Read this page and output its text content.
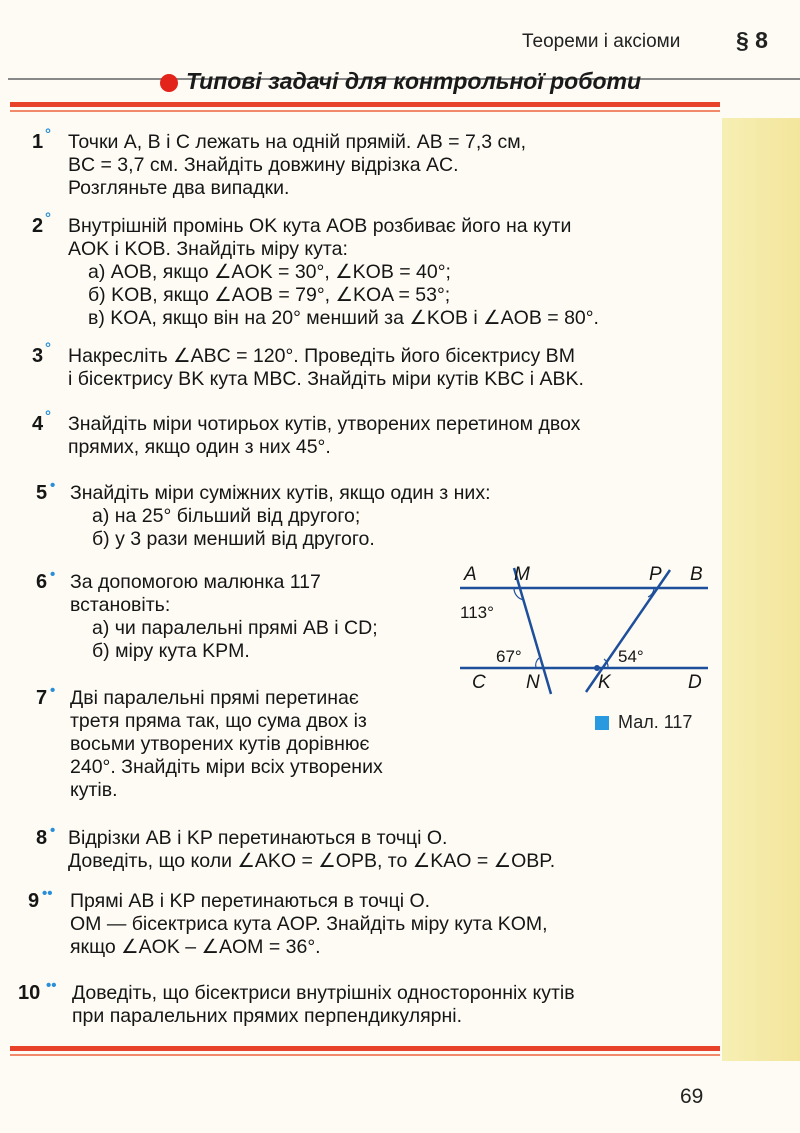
Теореми і аксіоми § 8
Типові задачі для контрольної роботи
1 ° Точки A, B і C лежать на одній прямій. AB = 7,3 см,
BC = 3,7 см. Знайдіть довжину відрізка AC.
Розгляньте два випадки.
2 ° Внутрішній промінь OK кута AOB розбиває його на кути
AOK і KOB. Знайдіть міру кута:
а) AOB, якщо ∠AOK = 30°, ∠KOB = 40°;
б) KOB, якщо ∠AOB = 79°, ∠KOA = 53°;
в) KOA, якщо він на 20° менший за ∠KOB і ∠AOB = 80°.
3 ° Накресліть ∠ABC = 120°. Проведіть його бісектрису BM
і бісектрису BK кута MBC. Знайдіть міри кутів KBC і ABK.
4 ° Знайдіть міри чотирьох кутів, утворених перетином двох
прямих, якщо один з них 45°.
5 • Знайдіть міри суміжних кутів, якщо один з них:
а) на 25° більший від другого;
б) у 3 рази менший від другого.
6 • За допомогою малюнка 117
встановіть:
а) чи паралельні прямі AB і CD;
б) міру кута KPM.
7 • Дві паралельні прямі перетинає
третя пряма так, що сума двох із
восьми утворених кутів дорівнює
240°. Знайдіть міри всіх утворених
кутів.
A M	P B
C N	K	D
113°
67°	54°
Мал. 117
8 • Відрізки AB і KP перетинаються в точці O.
Доведіть, що коли ∠AKO = ∠OPB, то ∠KAO = ∠OBP.
9 •• Прямі AB і KP перетинаються в точці O.
OM — бісектриса кута AOP. Знайдіть міру кута KOM,
якщо ∠AOK – ∠AOM = 36°.
10 •• Доведіть, що бісектриси внутрішніх односторонніх кутів
при паралельних прямих перпендикулярні.
69
